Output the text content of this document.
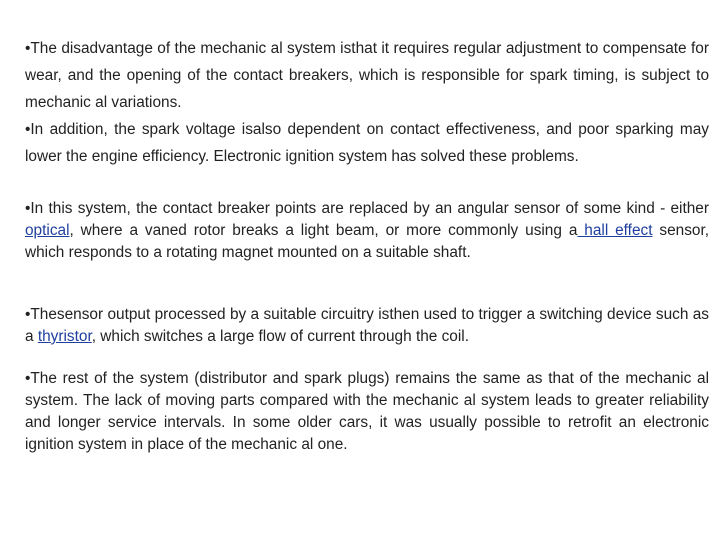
•The disadvantage of the mechanic al system isthat it requires regular adjustment to compensate for wear, and the opening of the contact breakers, which is responsible for spark timing, is subject to mechanic al variations.

•In addition, the spark voltage isalso dependent on contact effectiveness, and poor sparking may lower the engine efficiency. Electronic ignition system has solved these problems.

•In this system, the contact breaker points are replaced by an angular sensor of some kind - either optical, where a vaned rotor breaks a light beam, or more commonly using a hall effect sensor, which responds to a rotating magnet mounted on a suitable shaft.

•Thesensor output processed by a suitable circuitry isthen used to trigger a switching device such as a thyristor, which switches a large flow of current through the coil.

•The rest of the system (distributor and spark plugs) remains the same as that of the mechanic al system. The lack of moving parts compared with the mechanic al system leads to greater reliability and longer service intervals. In some older cars, it was usually possible to retrofit an electronic ignition system in place of the mechanic al one.
